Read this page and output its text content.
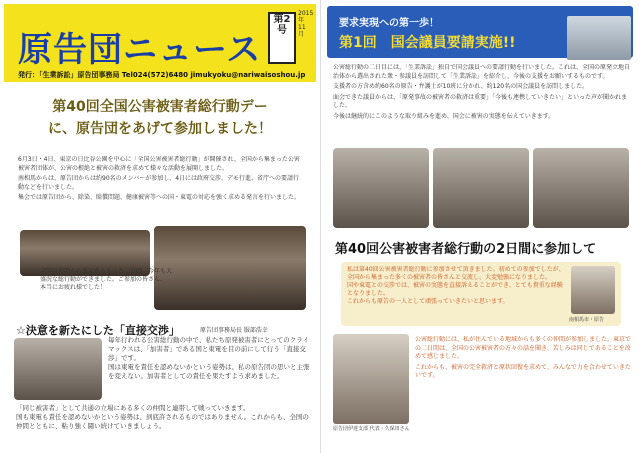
原告団ニュース
第2号
2015年11月
発行：「生業訴訟」原告団事務局 Tel024(572)6480 jimukyoku@nariwaisoshou.jp
第40回全国公害被害者総行動デー
に、原告団をあげて参加しました！

6月3日・4日、東京の日比谷公園を中心に「全国公害被害者総行動」が開催され、全国から集まった公害被害者団体が、公害の根絶と被害の救済を求めて様々な活動を展開しました。

南相馬からは、原告団からは約90名のメンバーが参加し、4日には政府交渉、デモ行進、省庁への要請行動などを行いました。

集会では原告団から、除染、賠償問題、健康被害等への国・東電の対応を強く求める発言を行いました。

全国の仲間から勇気をもらった二日間、今年も大盛況な総行動ができました。ご参加の皆さん、本当にお疲れ様でした！
☆決意を新たにした「直接交渉」	原告団事務局長 服部浩幸

毎年行われる公害総行動の中で、私たち原発被害者にとってのクライマックスは、「加害者」である国と東電を目の前にして行う「直接交渉」です。

国は東電を責任を認めないかという姿勢は、私の原告団の思いと主張を変えない。加害者としての責任を果たすよう求めました。

「同じ被害者」として共通の立場にある多くの仲間と連帯して戦っていきます。

国も東電も責任を認めないかという姿勢は、到底許されるものではありません。これからも、全国の仲間とともに、粘り強く闘い続けていきましょう。

要求実現への第一歩！
第1回　国会議員要請実施!!

公害総行動の二日目には、「生業訴訟」独自で国会議員への要請行動を行いました。これは、全国の原発立地自治体から選出された衆・参議員を訪問して「生業訴訟」を紹介し、今後の支援をお願いするものです。

支援者の方含め約60名の原告・弁護士が10班に分かれ、約120名の国会議員を訪問しました。

面会できた議員からは、「原発事故の被害者の救済は重要」「今後も連携していきたい」といった声が聞かれました。

今後は継続的にこのような取り組みを進め、国会に被害の実態を伝えていきます。

第40回公害被害者総行動の2日間に参加して

私は第40回公害被害者総行動に参加させて頂きました。初めての参加でしたが、全国から集まった多くの被害者の皆さんと交流し、大変勉強になりました。

国や東電との交渉では、被害の実態を直接訴えることができ、とても貴重な経験となりました。

これからも原告の一人として頑張っていきたいと思います。

南相馬市・原告
原告団伊達支部 代表・久保田さん

公害総行動には、私が住んでいる地域からも多くの仲間が参加しました。東京での二日間は、全国の公害被害者の方々の話を聞き、苦しみは同じであることを改めて感じました。

これからも、被害の完全救済と原状回復を求めて、みんなで力を合わせていきたいです。
